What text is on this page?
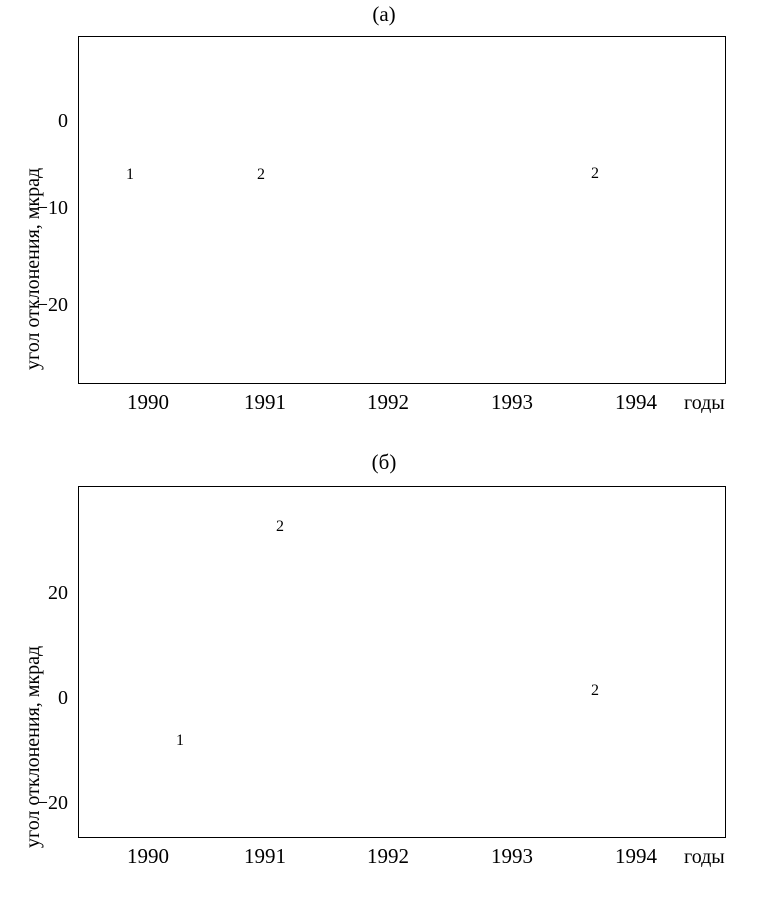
(а)
угол отклонения, мкрад
0
−10
−20
1990	1991	1992	1993	1994	годы
1	2	2
(б)
угол отклонения, мкрад
20
0
−20
1990	1991	1992	1993	1994	годы
2
1
2
